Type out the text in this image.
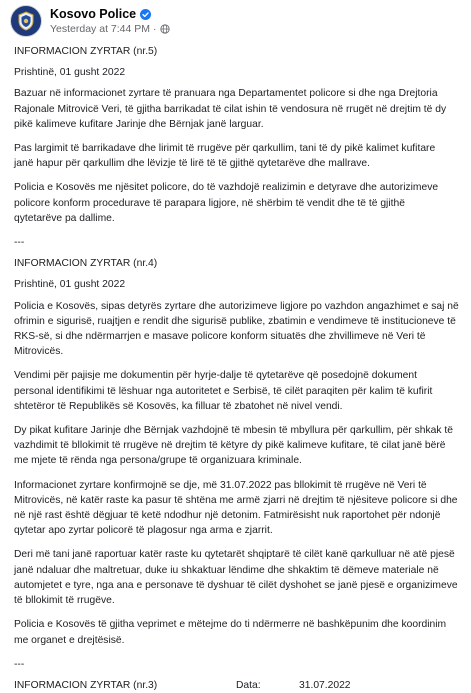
Kosovo Police
Yesterday at 7:44 PM ·

INFORMACION ZYRTAR (nr.5)

Prishtinë, 01 gusht 2022

Bazuar në informacionet zyrtare të pranuara nga Departamentet policore si dhe nga Drejtoria
Rajonale Mitrovicë Veri, të gjitha barrikadat të cilat ishin të vendosura në rrugët në drejtim të dy
pikë kalimeve kufitare Jarinje dhe Bërnjak janë larguar.

Pas largimit të barrikadave dhe lirimit të rrugëve për qarkullim, tani të dy pikë kalimet kufitare
janë hapur për qarkullim dhe lëvizje të lirë të të gjithë qytetarëve dhe mallrave.

Policia e Kosovës me njësitet policore, do të vazhdojë realizimin e detyrave dhe autorizimeve
policore konform procedurave të parapara ligjore, në shërbim të vendit dhe të të gjithë
qytetarëve pa dallime.

---

INFORMACION ZYRTAR (nr.4)

Prishtinë, 01 gusht 2022

Policia e Kosovës, sipas detyrës zyrtare dhe autorizimeve ligjore po vazhdon angazhimet e saj në
ofrimin e sigurisë, ruajtjen e rendit dhe sigurisë publike, zbatimin e vendimeve të institucioneve të
RKS-së, si dhe ndërmarrjen e masave policore konform situatës dhe zhvillimeve në Veri të
Mitrovicës.

Vendimi për pajisje me dokumentin për hyrje-dalje të qytetarëve që posedojnë dokument
personal identifikimi të lëshuar nga autoritetet e Serbisë, të cilët paraqiten për kalim të kufirit
shtetëror të Republikës së Kosovës, ka filluar të zbatohet në nivel vendi.

Dy pikat kufitare Jarinje dhe Bërnjak vazhdojnë të mbesin të mbyllura për qarkullim, për shkak të
vazhdimit të bllokimit të rrugëve në drejtim të këtyre dy pikë kalimeve kufitare, të cilat janë bërë
me mjete të rënda nga persona/grupe të organizuara kriminale.

Informacionet zyrtare konfirmojnë se dje, më 31.07.2022 pas bllokimit të rrugëve në Veri të
Mitrovicës, në katër raste ka pasur të shtëna me armë zjarri në drejtim të njësiteve policore si dhe
në një rast është dëgjuar të ketë ndodhur një detonim. Fatmirësisht nuk raportohet për ndonjë
qytetar apo zyrtar policorë të plagosur nga arma e zjarrit.

Deri më tani janë raportuar katër raste ku qytetarët shqiptarë të cilët kanë qarkulluar në atë pjesë
janë ndaluar dhe maltretuar, duke iu shkaktuar lëndime dhe shkaktim të dëmeve materiale në
automjetet e tyre, nga ana e personave të dyshuar të cilët dyshohet se janë pjesë e organizimeve
të bllokimit të rrugëve.

Policia e Kosovës të gjitha veprimet e mëtejme do ti ndërmerre në bashkëpunim dhe koordinim
me organet e drejtësisë.

---
INFORMACION ZYRTAR (nr.3)	Data:	31.07.2022
